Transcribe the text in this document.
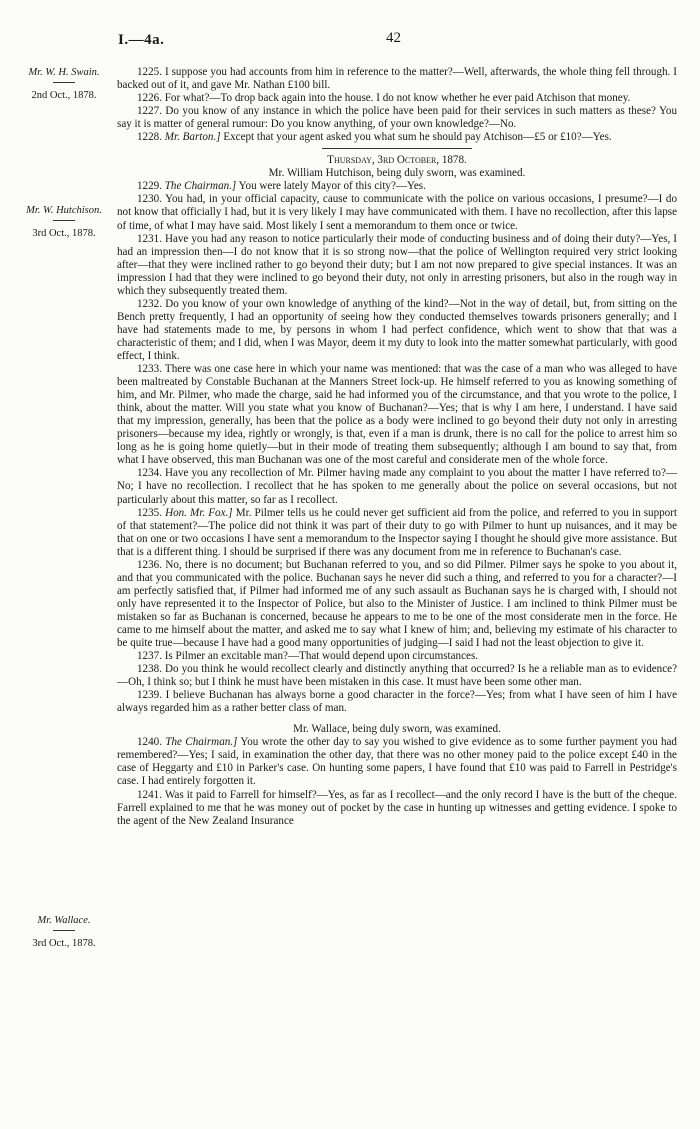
I.—4a.	42
Mr. W. H. Swain.
2nd Oct., 1878.
Mr. W. Hutchison.
3rd Oct., 1878.
Mr. Wallace.
3rd Oct., 1878.

1225. I suppose you had accounts from him in reference to the matter?—Well, afterwards, the whole thing fell through. I backed out of it, and gave Mr. Nathan £100 bill.

1226. For what?—To drop back again into the house. I do not know whether he ever paid Atchison that money.

1227. Do you know of any instance in which the police have been paid for their services in such matters as these? You say it is matter of general rumour: Do you know anything, of your own knowledge?—No.

1228. Mr. Barton.] Except that your agent asked you what sum he should pay Atchison—£5 or £10?—Yes.

Thursday, 3rd October, 1878.

Mr. William Hutchison, being duly sworn, was examined.

1229. The Chairman.] You were lately Mayor of this city?—Yes.

1230. You had, in your official capacity, cause to communicate with the police on various occasions, I presume?—I do not know that officially I had, but it is very likely I may have communicated with them. I have no recollection, after this lapse of time, of what I may have said. Most likely I sent a memorandum to them once or twice.

1231. Have you had any reason to notice particularly their mode of conducting business and of doing their duty?—Yes, I had an impression then—I do not know that it is so strong now—that the police of Wellington required very strict looking after—that they were inclined rather to go beyond their duty; but I am not now prepared to give special instances. It was an impression I had that they were inclined to go beyond their duty, not only in arresting prisoners, but also in the rough way in which they subsequently treated them.

1232. Do you know of your own knowledge of anything of the kind?—Not in the way of detail, but, from sitting on the Bench pretty frequently, I had an opportunity of seeing how they conducted themselves towards prisoners generally; and I have had statements made to me, by persons in whom I had perfect confidence, which went to show that that was a characteristic of them; and I did, when I was Mayor, deem it my duty to look into the matter somewhat particularly, with good effect, I think.

1233. There was one case here in which your name was mentioned: that was the case of a man who was alleged to have been maltreated by Constable Buchanan at the Manners Street lock-up. He himself referred to you as knowing something of him, and Mr. Pilmer, who made the charge, said he had informed you of the circumstance, and that you wrote to the police, I think, about the matter. Will you state what you know of Buchanan?—Yes; that is why I am here, I understand. I have said that my impression, generally, has been that the police as a body were inclined to go beyond their duty not only in arresting prisoners—because my idea, rightly or wrongly, is that, even if a man is drunk, there is no call for the police to arrest him so long as he is going home quietly—but in their mode of treating them subsequently; although I am bound to say that, from what I have observed, this man Buchanan was one of the most careful and considerate men of the whole force.

1234. Have you any recollection of Mr. Pilmer having made any complaint to you about the matter I have referred to?—No; I have no recollection. I recollect that he has spoken to me generally about the police on several occasions, but not particularly about this matter, so far as I recollect.

1235. Hon. Mr. Fox.] Mr. Pilmer tells us he could never get sufficient aid from the police, and referred to you in support of that statement?—The police did not think it was part of their duty to go with Pilmer to hunt up nuisances, and it may be that on one or two occasions I have sent a memorandum to the Inspector saying I thought he should give more assistance. But that is a different thing. I should be surprised if there was any document from me in reference to Buchanan's case.

1236. No, there is no document; but Buchanan referred to you, and so did Pilmer. Pilmer says he spoke to you about it, and that you communicated with the police. Buchanan says he never did such a thing, and referred to you for a character?—I am perfectly satisfied that, if Pilmer had informed me of any such assault as Buchanan says he is charged with, I should not only have represented it to the Inspector of Police, but also to the Minister of Justice. I am inclined to think Pilmer must be mistaken so far as Buchanan is concerned, because he appears to me to be one of the most considerate men in the force. He came to me himself about the matter, and asked me to say what I knew of him; and, believing my estimate of his character to be quite true—because I have had a good many opportunities of judging—I said I had not the least objection to give it.

1237. Is Pilmer an excitable man?—That would depend upon circumstances.

1238. Do you think he would recollect clearly and distinctly anything that occurred? Is he a reliable man as to evidence?—Oh, I think so; but I think he must have been mistaken in this case. It must have been some other man.

1239. I believe Buchanan has always borne a good character in the force?—Yes; from what I have seen of him I have always regarded him as a rather better class of man.

Mr. Wallace, being duly sworn, was examined.

1240. The Chairman.] You wrote the other day to say you wished to give evidence as to some further payment you had remembered?—Yes; I said, in examination the other day, that there was no other money paid to the police except £40 in the case of Heggarty and £10 in Parker's case. On hunting some papers, I have found that £10 was paid to Farrell in Pestridge's case. I had entirely forgotten it.

1241. Was it paid to Farrell for himself?—Yes, as far as I recollect—and the only record I have is the butt of the cheque. Farrell explained to me that he was money out of pocket by the case in hunting up witnesses and getting evidence. I spoke to the agent of the New Zealand Insurance
